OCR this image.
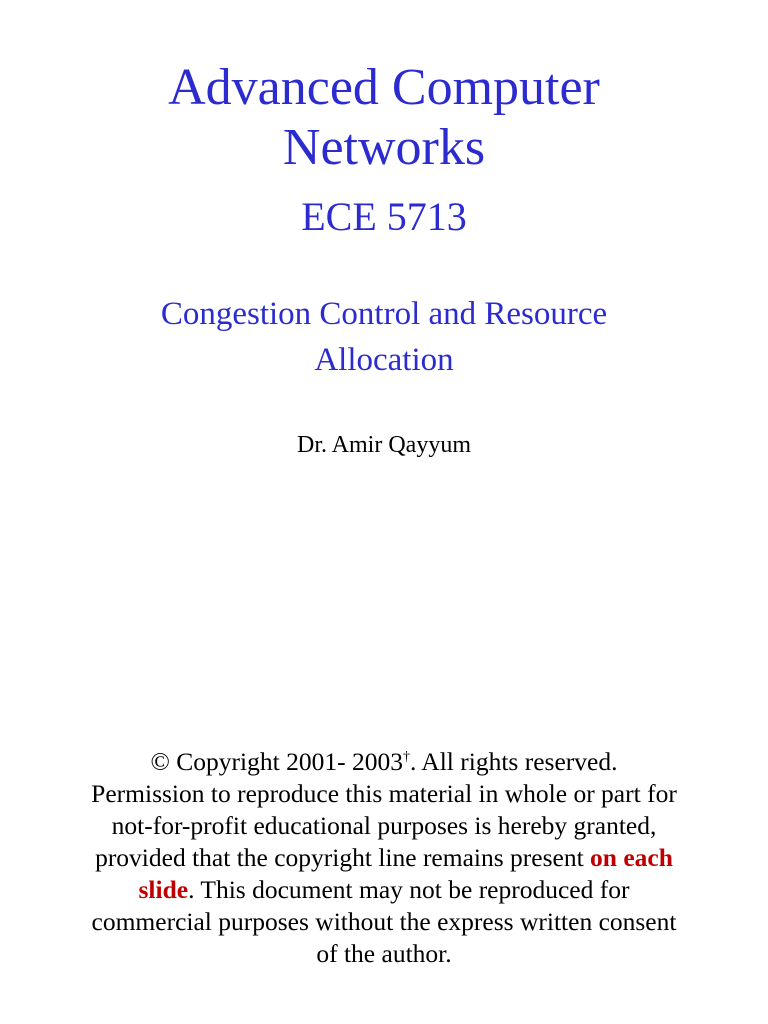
Advanced Computer
Networks
ECE 5713
Congestion Control and Resource
Allocation

Dr. Amir Qayyum

© Copyright 2001- 2003†. All rights reserved.
Permission to reproduce this material in whole or part for not-for-profit educational purposes is hereby granted, provided that the copyright line remains present on each slide. This document may not be reproduced for commercial purposes without the express written consent of the author.
